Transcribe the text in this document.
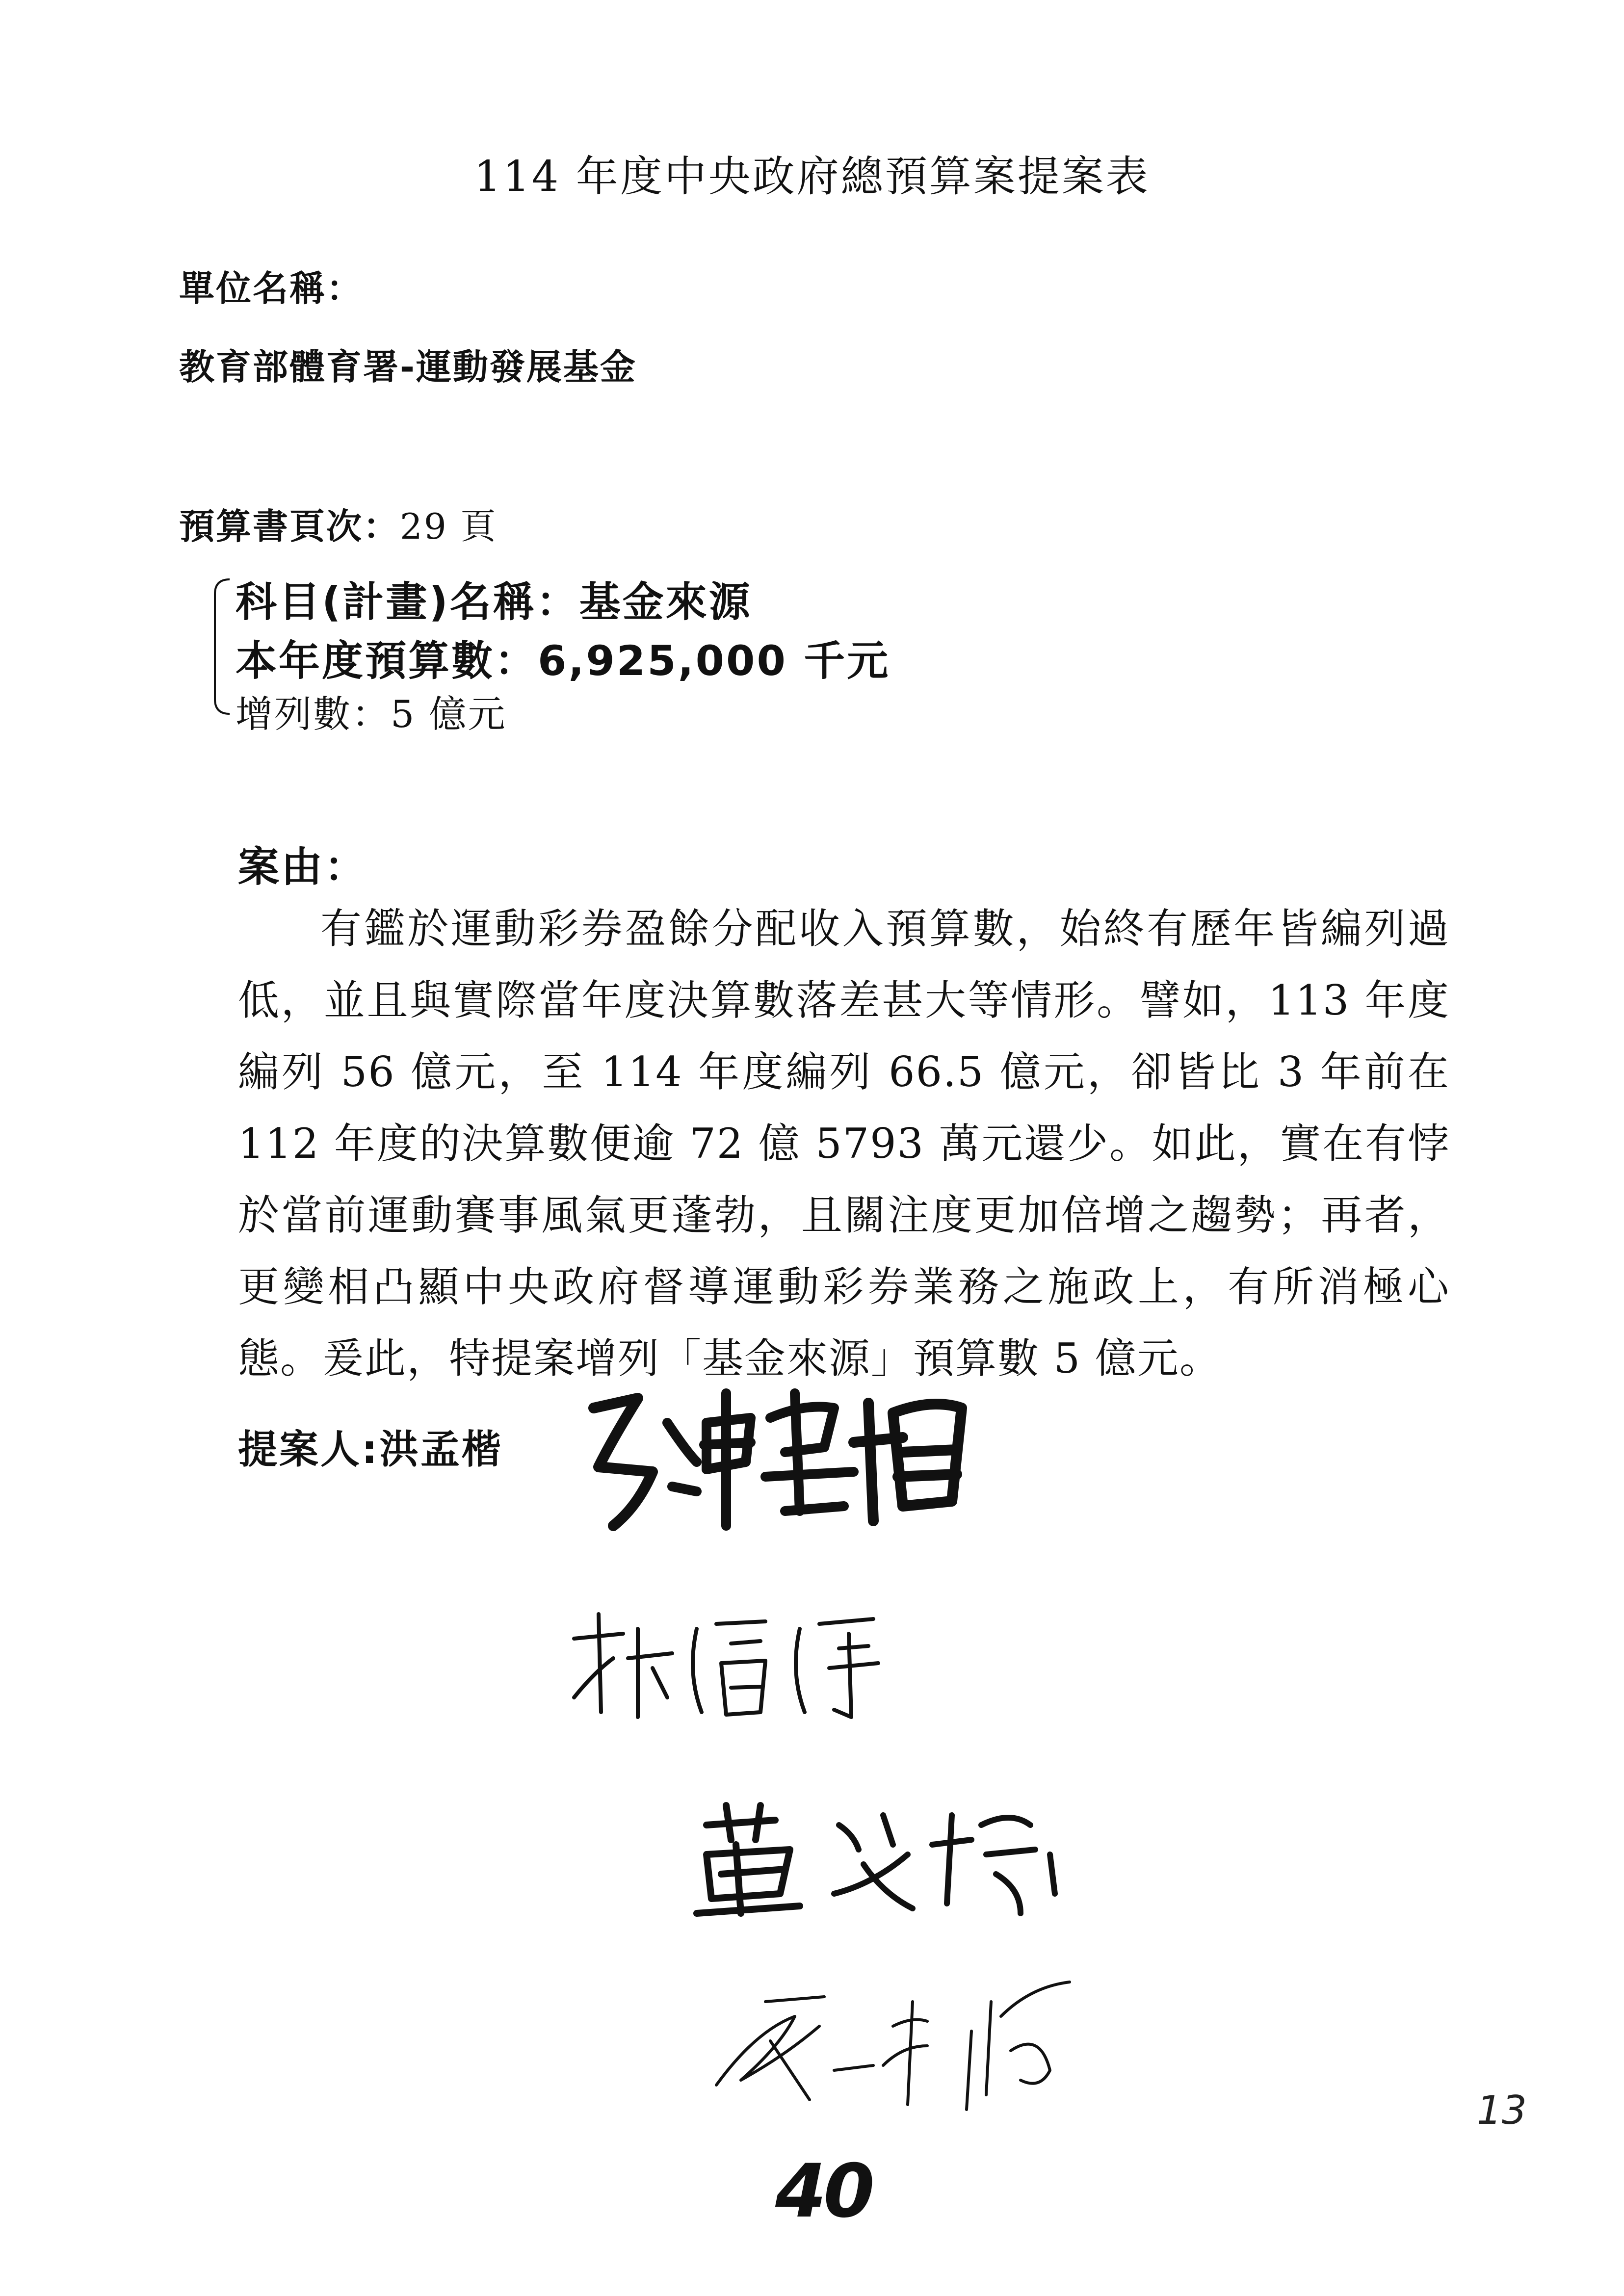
114 年度中央政府總預算案提案表
單位名稱：
教育部體育署-運動發展基金
預算書頁次：29 頁
科目(計畫)名稱：基金來源
本年度預算數：6,925,000 千元
增列數：5 億元
案由：
有鑑於運動彩券盈餘分配收入預算數，始終有歷年皆編列過低，並且與實際當年度決算數落差甚大等情形。譬如，113 年度編列 56 億元，至 114 年度編列 66.5 億元，卻皆比 3 年前在 112 年度的決算數便逾 72 億 5793 萬元還少。如此，實在有悖於當前運動賽事風氣更蓬勃，且關注度更加倍增之趨勢；再者，更變相凸顯中央政府督導運動彩券業務之施政上，有所消極心態。爰此，特提案增列「基金來源」預算數 5 億元。
提案人:洪孟楷
40
13
